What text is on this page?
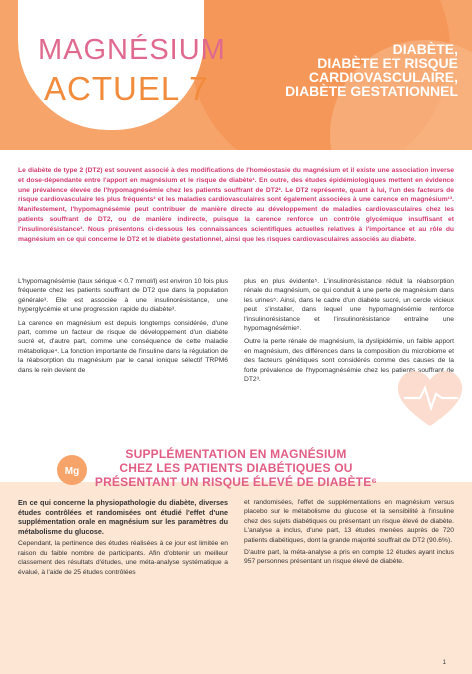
MAGNÉSIUM
ACTUEL 7
DIABÈTE,
DIABÈTE ET RISQUE
CARDIOVASCULAIRE,
DIABÈTE GESTATIONNEL
Le diabète de type 2 (DT2) est souvent associé à des modifications de l'homéostasie du magnésium et il existe une association inverse et dose-dépendante entre l'apport en magnésium et le risque de diabète¹. En outre, des études épidémiologiques mettent en évidence une prévalence élevée de l'hypomagnésémie chez les patients souffrant de DT2². Le DT2 représente, quant à lui, l'un des facteurs de risque cardiovasculaire les plus fréquents³ et les maladies cardiovasculaires sont également associées à une carence en magnésium¹³. Manifestement, l'hypomagnésémie peut contribuer de manière directe au développement de maladies cardiovasculaires chez les patients souffrant de DT2, ou de manière indirecte, puisque la carence renforce un contrôle glycémique insuffisant et l'insulinorésistance³. Nous présentons ci-dessous les connaissances scientifiques actuelles relatives à l'importance et au rôle du magnésium en ce qui concerne le DT2 et le diabète gestationnel, ainsi que les risques cardiovasculaires associés au diabète.

L'hypomagnésémie (taux sérique < 0.7 mmol/l) est environ 10 fois plus fréquente chez les patients souffrant de DT2 que dans la population générale³. Elle est associée à une insulinorésistance, une hyperglycémie et une progression rapide du diabète³.

La carence en magnésium est depuis longtemps considérée, d'une part, comme un facteur de risque de développement d'un diabète sucré et, d'autre part, comme une conséquence de cette maladie métabolique⁴. La fonction importante de l'insuline dans la régulation de la réabsorption du magnésium par le canal ionique sélectif TRPM6 dans le rein devient de

plus en plus évidente⁵. L'insulinorésistance réduit la réabsorption rénale du magnésium, ce qui conduit à une perte de magnésium dans les urines⁵. Ainsi, dans le cadre d'un diabète sucré, un cercle vicieux peut s'installer, dans lequel une hypomagnésémie renforce l'insulinorésistance et l'insulinorésistance entraîne une hypomagnésémie⁵.

Outre la perte rénale de magnésium, la dyslipidémie, un faible apport en magnésium, des différences dans la composition du microbiome et des facteurs génétiques sont considérés comme des causes de la forte prévalence de l'hypomagnésémie chez les patients souffrant de DT2³.

Mg
SUPPLÉMENTATION EN MAGNÉSIUM
CHEZ LES PATIENTS DIABÉTIQUES OU
PRÉSENTANT UN RISQUE ÉLEVÉ DE DIABÈTE⁶

En ce qui concerne la physiopathologie du diabète, diverses études contrôlées et randomisées ont étudié l'effet d'une supplémentation orale en magnésium sur les paramètres du métabolisme du glucose.

Cependant, la pertinence des études réalisées à ce jour est limitée en raison du faible nombre de participants. Afin d'obtenir un meilleur classement des résultats d'études, une méta-analyse systématique a évalué, à l'aide de 25 études contrôlées

et randomisées, l'effet de supplémentations en magnésium versus placebo sur le métabolisme du glucose et la sensibilité à l'insuline chez des sujets diabétiques ou présentant un risque élevé de diabète. L'analyse a inclus, d'une part, 13 études menées auprès de 720 patients diabétiques, dont la grande majorité souffrait de DT2 (90.6%).

D'autre part, la méta-analyse a pris en compte 12 études ayant inclus 957 personnes présentant un risque élevé de diabète.

1
